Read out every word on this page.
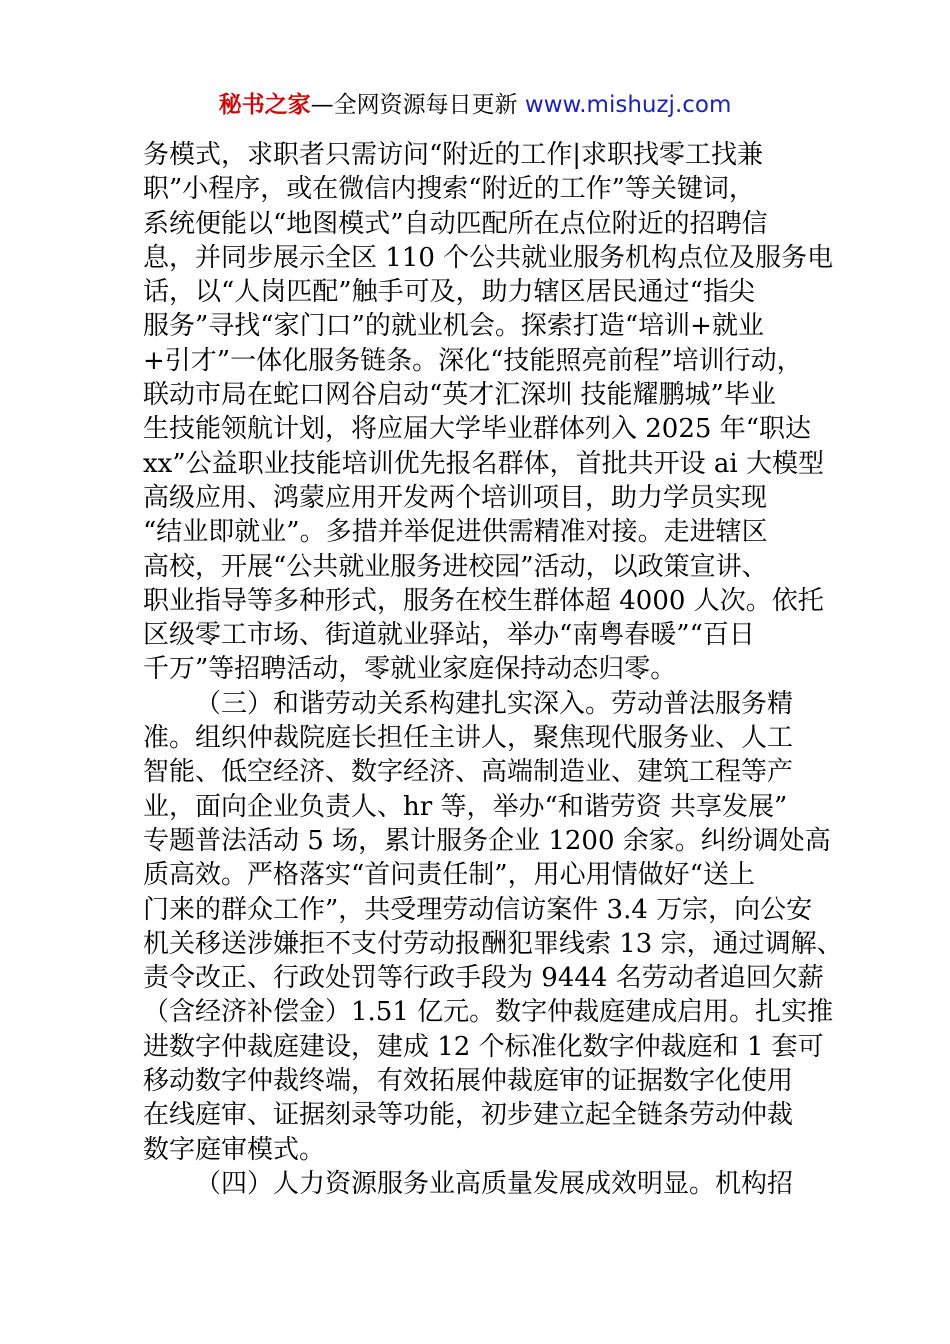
秘书之家—全网资源每日更新 www.mishuzj.com
务模式，求职者只需访问“附近的工作|求职找零工找兼
职”小程序，或在微信内搜索“附近的工作”等关键词，
系统便能以“地图模式”自动匹配所在点位附近的招聘信
息，并同步展示全区 110 个公共就业服务机构点位及服务电
话，以“人岗匹配”触手可及，助力辖区居民通过“指尖
服务”寻找“家门口”的就业机会。探索打造“培训+就业
+引才”一体化服务链条。深化“技能照亮前程”培训行动，
联动市局在蛇口网谷启动“英才汇深圳 技能耀鹏城”毕业
生技能领航计划，将应届大学毕业群体列入 2025 年“职达
xx”公益职业技能培训优先报名群体，首批共开设 ai 大模型
高级应用、鸿蒙应用开发两个培训项目，助力学员实现
“结业即就业”。多措并举促进供需精准对接。走进辖区
高校，开展“公共就业服务进校园”活动，以政策宣讲、
职业指导等多种形式，服务在校生群体超 4000 人次。依托
区级零工市场、街道就业驿站，举办“南粤春暖”“百日
千万”等招聘活动，零就业家庭保持动态归零。
（三）和谐劳动关系构建扎实深入。劳动普法服务精
准。组织仲裁院庭长担任主讲人，聚焦现代服务业、人工
智能、低空经济、数字经济、高端制造业、建筑工程等产
业，面向企业负责人、hr 等，举办“和谐劳资 共享发展”
专题普法活动 5 场，累计服务企业 1200 余家。纠纷调处高
质高效。严格落实“首问责任制”，用心用情做好“送上
门来的群众工作”，共受理劳动信访案件 3.4 万宗，向公安
机关移送涉嫌拒不支付劳动报酬犯罪线索 13 宗，通过调解、
责令改正、行政处罚等行政手段为 9444 名劳动者追回欠薪
（含经济补偿金）1.51 亿元。数字仲裁庭建成启用。扎实推
进数字仲裁庭建设，建成 12 个标准化数字仲裁庭和 1 套可
移动数字仲裁终端，有效拓展仲裁庭审的证据数字化使用
在线庭审、证据刻录等功能，初步建立起全链条劳动仲裁
数字庭审模式。
（四）人力资源服务业高质量发展成效明显。机构招
